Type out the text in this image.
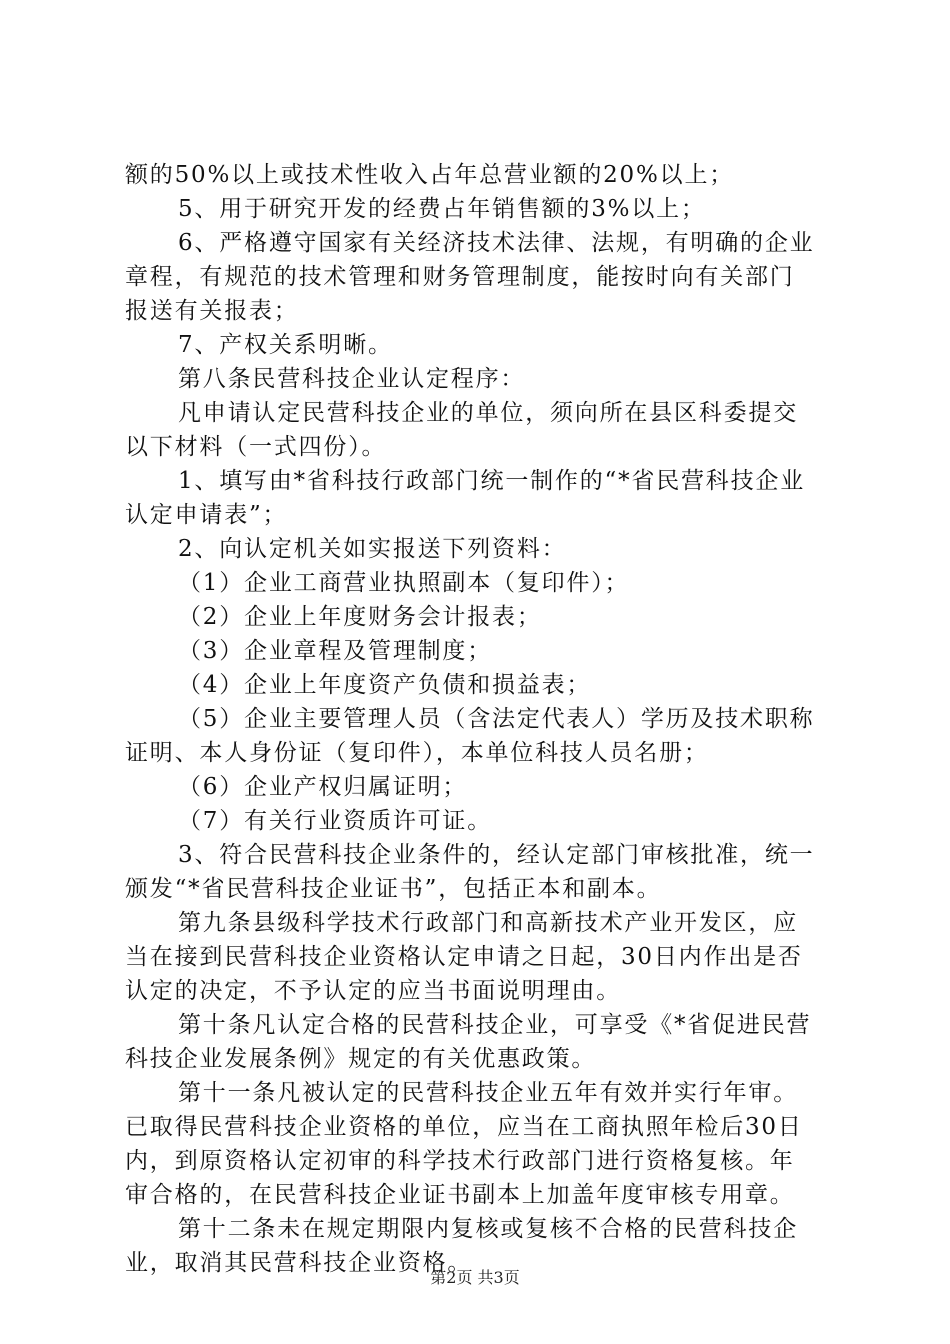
额的50%以上或技术性收入占年总营业额的20%以上；
5、用于研究开发的经费占年销售额的3%以上；
6、严格遵守国家有关经济技术法律、法规，有明确的企业
章程，有规范的技术管理和财务管理制度，能按时向有关部门
报送有关报表；
7、产权关系明晰。
第八条民营科技企业认定程序：
凡申请认定民营科技企业的单位，须向所在县区科委提交
以下材料（一式四份）。
1、填写由*省科技行政部门统一制作的“*省民营科技企业
认定申请表”；
2、向认定机关如实报送下列资料：
（1）企业工商营业执照副本（复印件）；
（2）企业上年度财务会计报表；
（3）企业章程及管理制度；
（4）企业上年度资产负债和损益表；
（5）企业主要管理人员（含法定代表人）学历及技术职称
证明、本人身份证（复印件），本单位科技人员名册；
（6）企业产权归属证明；
（7）有关行业资质许可证。
3、符合民营科技企业条件的，经认定部门审核批准，统一
颁发“*省民营科技企业证书”，包括正本和副本。
第九条县级科学技术行政部门和高新技术产业开发区，应
当在接到民营科技企业资格认定申请之日起，30日内作出是否
认定的决定，不予认定的应当书面说明理由。
第十条凡认定合格的民营科技企业，可享受《*省促进民营
科技企业发展条例》规定的有关优惠政策。
第十一条凡被认定的民营科技企业五年有效并实行年审。
已取得民营科技企业资格的单位，应当在工商执照年检后30日
内，到原资格认定初审的科学技术行政部门进行资格复核。年
审合格的，在民营科技企业证书副本上加盖年度审核专用章。
第十二条未在规定期限内复核或复核不合格的民营科技企
业，取消其民营科技企业资格。
第2页 共3页
